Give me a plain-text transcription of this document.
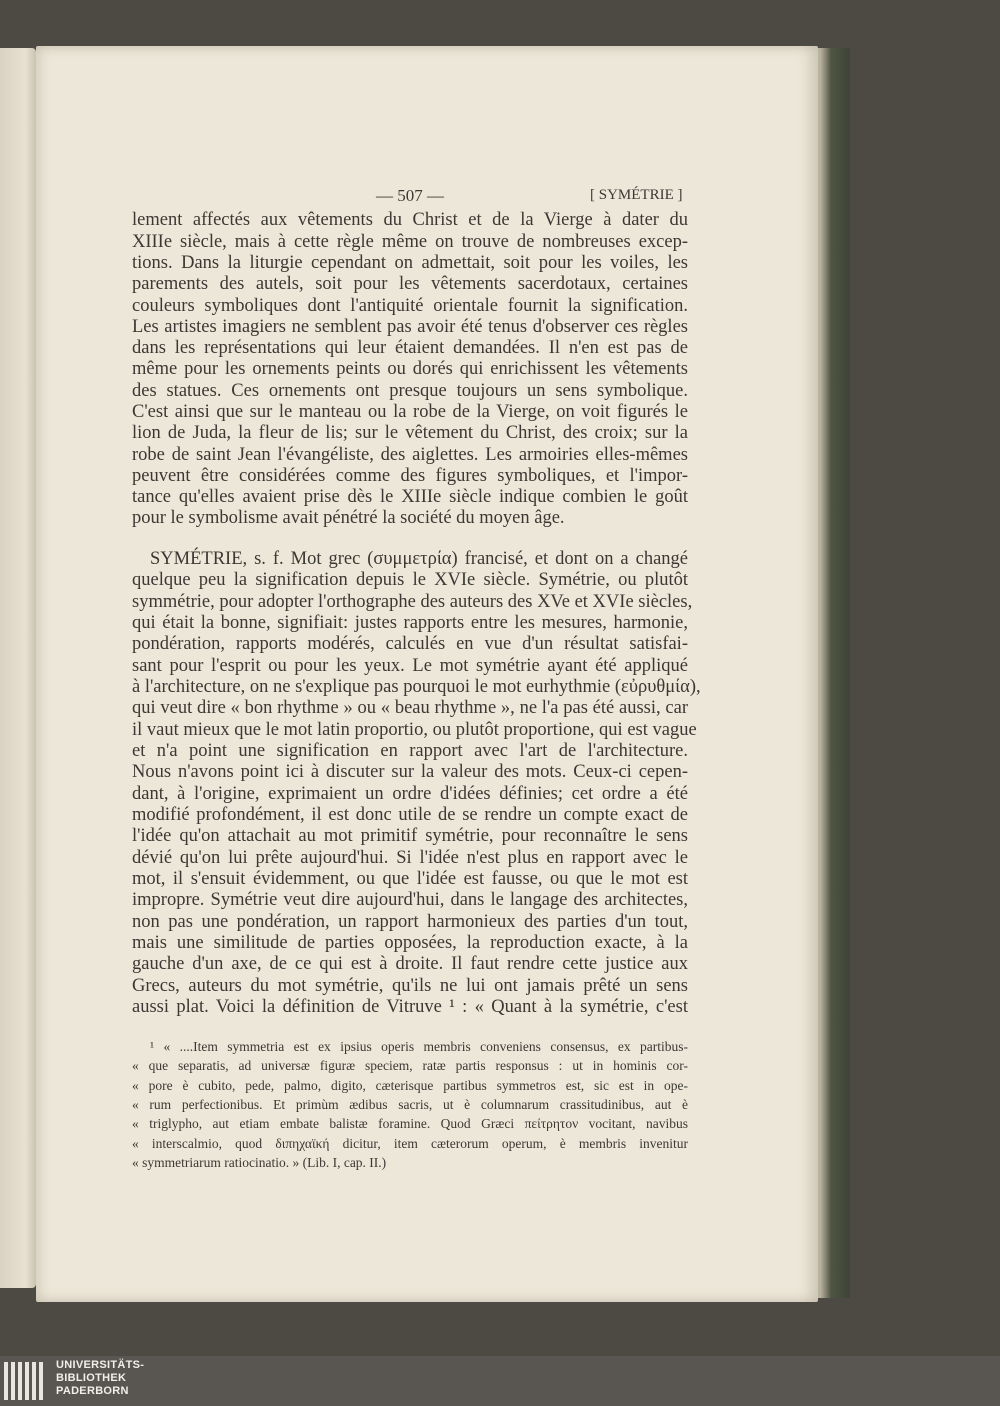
— 507 —	[ SYMÉTRIE ]
lement affectés aux vêtements du Christ et de la Vierge à dater du
XIIIe siècle, mais à cette règle même on trouve de nombreuses excep-
tions. Dans la liturgie cependant on admettait, soit pour les voiles, les
parements des autels, soit pour les vêtements sacerdotaux, certaines
couleurs symboliques dont l'antiquité orientale fournit la signification.
Les artistes imagiers ne semblent pas avoir été tenus d'observer ces règles
dans les représentations qui leur étaient demandées. Il n'en est pas de
même pour les ornements peints ou dorés qui enrichissent les vêtements
des statues. Ces ornements ont presque toujours un sens symbolique.
C'est ainsi que sur le manteau ou la robe de la Vierge, on voit figurés le
lion de Juda, la fleur de lis; sur le vêtement du Christ, des croix; sur la
robe de saint Jean l'évangéliste, des aiglettes. Les armoiries elles-mêmes
peuvent être considérées comme des figures symboliques, et l'impor-
tance qu'elles avaient prise dès le XIIIe siècle indique combien le goût
pour le symbolisme avait pénétré la société du moyen âge.
SYMÉTRIE, s. f. Mot grec (συμμετρία) francisé, et dont on a changé
quelque peu la signification depuis le XVIe siècle. Symétrie, ou plutôt
symmétrie, pour adopter l'orthographe des auteurs des XVe et XVIe siècles,
qui était la bonne, signifiait: justes rapports entre les mesures, harmonie,
pondération, rapports modérés, calculés en vue d'un résultat satisfai-
sant pour l'esprit ou pour les yeux. Le mot symétrie ayant été appliqué
à l'architecture, on ne s'explique pas pourquoi le mot eurhythmie (εὐρυθμία),
qui veut dire « bon rhythme » ou « beau rhythme », ne l'a pas été aussi, car
il vaut mieux que le mot latin proportio, ou plutôt proportione, qui est vague
et n'a point une signification en rapport avec l'art de l'architecture.
Nous n'avons point ici à discuter sur la valeur des mots. Ceux-ci cepen-
dant, à l'origine, exprimaient un ordre d'idées définies; cet ordre a été
modifié profondément, il est donc utile de se rendre un compte exact de
l'idée qu'on attachait au mot primitif symétrie, pour reconnaître le sens
dévié qu'on lui prête aujourd'hui. Si l'idée n'est plus en rapport avec le
mot, il s'ensuit évidemment, ou que l'idée est fausse, ou que le mot est
impropre. Symétrie veut dire aujourd'hui, dans le langage des architectes,
non pas une pondération, un rapport harmonieux des parties d'un tout,
mais une similitude de parties opposées, la reproduction exacte, à la
gauche d'un axe, de ce qui est à droite. Il faut rendre cette justice aux
Grecs, auteurs du mot symétrie, qu'ils ne lui ont jamais prêté un sens
aussi plat. Voici la définition de Vitruve ¹ : « Quant à la symétrie, c'est
¹ « ....Item symmetria est ex ipsius operis membris conveniens consensus, ex partibus-
« que separatis, ad universæ figuræ speciem, ratæ partis responsus : ut in hominis cor-
« pore è cubito, pede, palmo, digito, cæterisque partibus symmetros est, sic est in ope-
« rum perfectionibus. Et primùm ædibus sacris, ut è columnarum crassitudinibus, aut è
« triglypho, aut etiam embate balistæ foramine. Quod Græci πείτρητον vocitant, navibus
« interscalmio, quod διπηχαϊκή dicitur, item cæterorum operum, è membris invenitur
« symmetriarum ratiocinatio. » (Lib. I, cap. II.)
UNIVERSITÄTS-
BIBLIOTHEK
PADERBORN
